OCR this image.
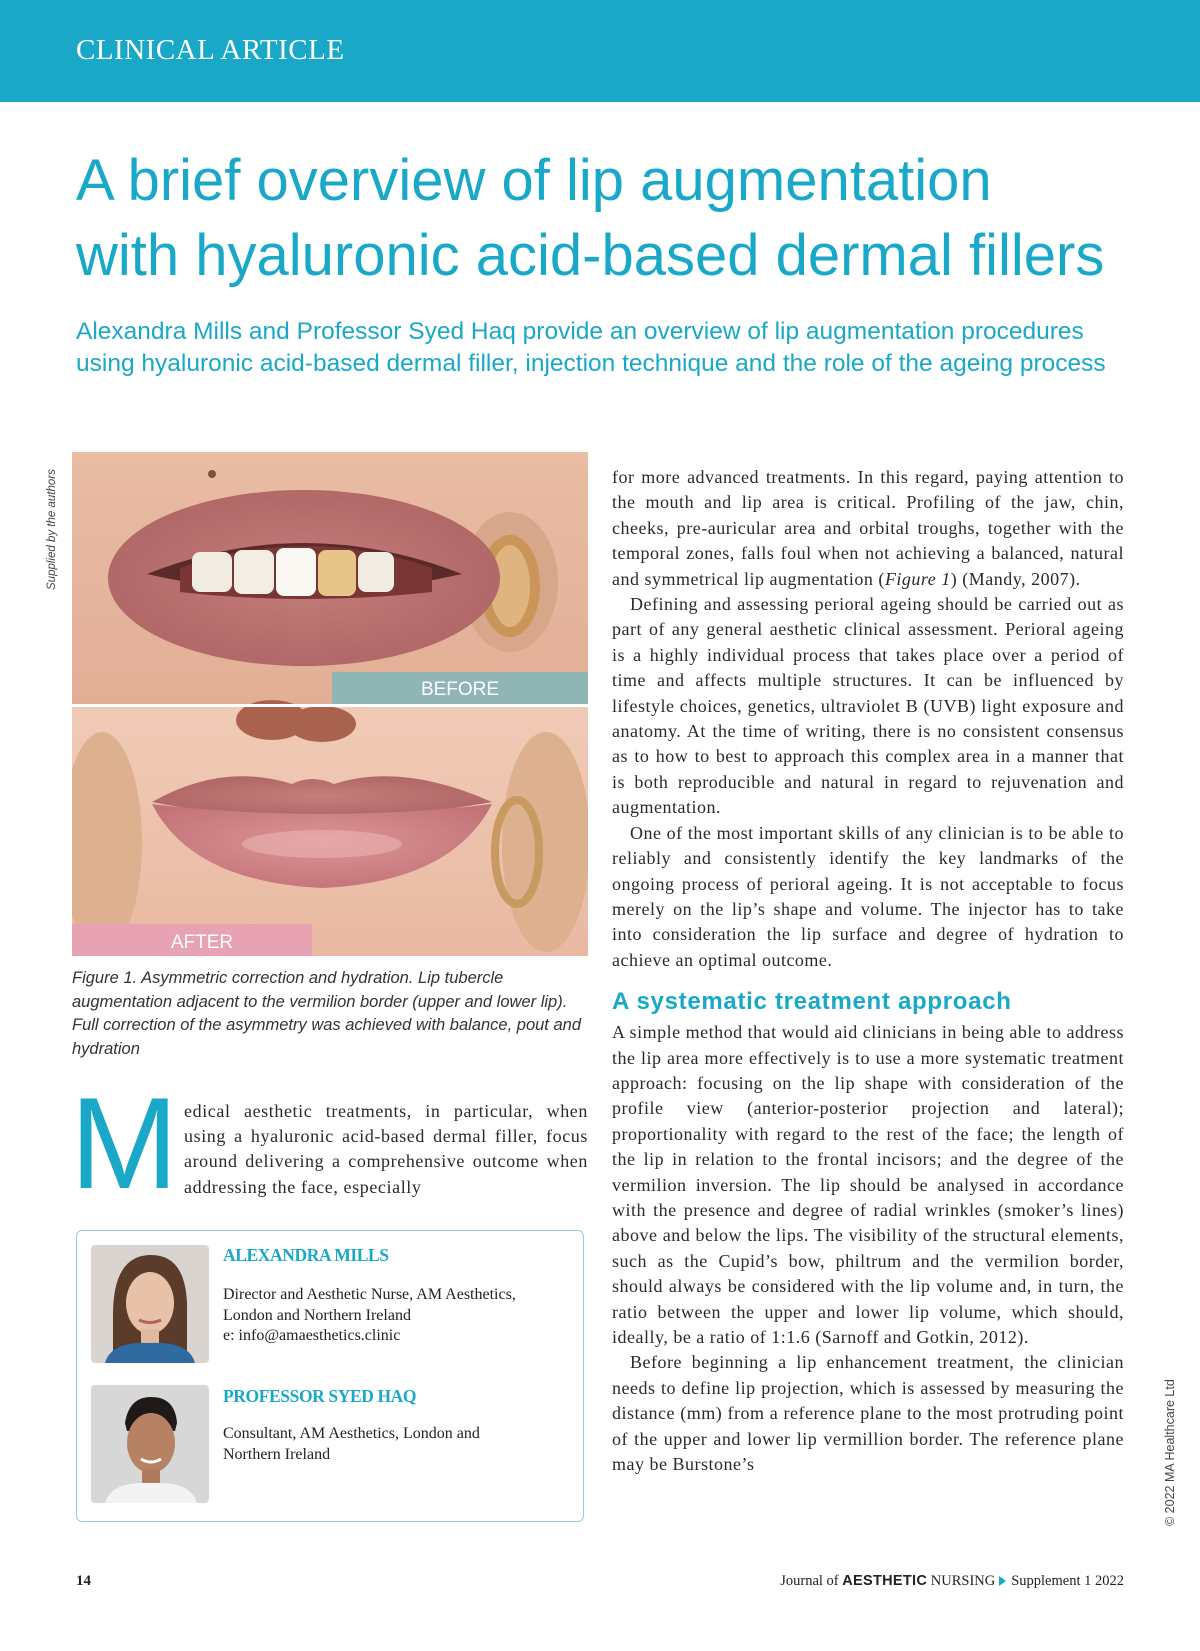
CLINICAL ARTICLE
A brief overview of lip augmentation
with hyaluronic acid-based dermal fillers

Alexandra Mills and Professor Syed Haq provide an overview of lip augmentation procedures using hyaluronic acid-based dermal filler, injection technique and the role of the ageing process

Supplied by the authors
BEFORE
AFTER

Figure 1. Asymmetric correction and hydration. Lip tubercle augmentation adjacent to the vermilion border (upper and lower lip). Full correction of the asymmetry was achieved with balance, pout and hydration

M edical aesthetic treatments, in particular, when using a hyaluronic acid-based dermal filler, focus around delivering a comprehensive outcome when addressing the face, especially

ALEXANDRA MILLS
Director and Aesthetic Nurse, AM Aesthetics,
London and Northern Ireland
e: info@amaesthetics.clinic
PROFESSOR SYED HAQ
Consultant, AM Aesthetics, London and
Northern Ireland

for more advanced treatments. In this regard, paying attention to the mouth and lip area is critical. Profiling of the jaw, chin, cheeks, pre-auricular area and orbital troughs, together with the temporal zones, falls foul when not achieving a balanced, natural and symmetrical lip augmentation (Figure 1) (Mandy, 2007).

Defining and assessing perioral ageing should be carried out as part of any general aesthetic clinical assessment. Perioral ageing is a highly individual process that takes place over a period of time and affects multiple structures. It can be influenced by lifestyle choices, genetics, ultraviolet B (UVB) light exposure and anatomy. At the time of writing, there is no consistent consensus as to how to best to approach this complex area in a manner that is both reproducible and natural in regard to rejuvenation and augmentation.

One of the most important skills of any clinician is to be able to reliably and consistently identify the key landmarks of the ongoing process of perioral ageing. It is not acceptable to focus merely on the lip’s shape and volume. The injector has to take into consideration the lip surface and degree of hydration to achieve an optimal outcome.

A systematic treatment approach

A simple method that would aid clinicians in being able to address the lip area more effectively is to use a more systematic treatment approach: focusing on the lip shape with consideration of the profile view (anterior-posterior projection and lateral); proportionality with regard to the rest of the face; the length of the lip in relation to the frontal incisors; and the degree of the vermilion inversion. The lip should be analysed in accordance with the presence and degree of radial wrinkles (smoker’s lines) above and below the lips. The visibility of the structural elements, such as the Cupid’s bow, philtrum and the vermilion border, should always be considered with the lip volume and, in turn, the ratio between the upper and lower lip volume, which should, ideally, be a ratio of 1:1.6 (Sarnoff and Gotkin, 2012).

Before beginning a lip enhancement treatment, the clinician needs to define lip projection, which is assessed by measuring the distance (mm) from a reference plane to the most protruding point of the upper and lower lip vermillion border. The reference plane may be Burstone’s	© 2022 MA Healthcare Ltd
14	Journal of AESTHETIC NURSING Supplement 1 2022
